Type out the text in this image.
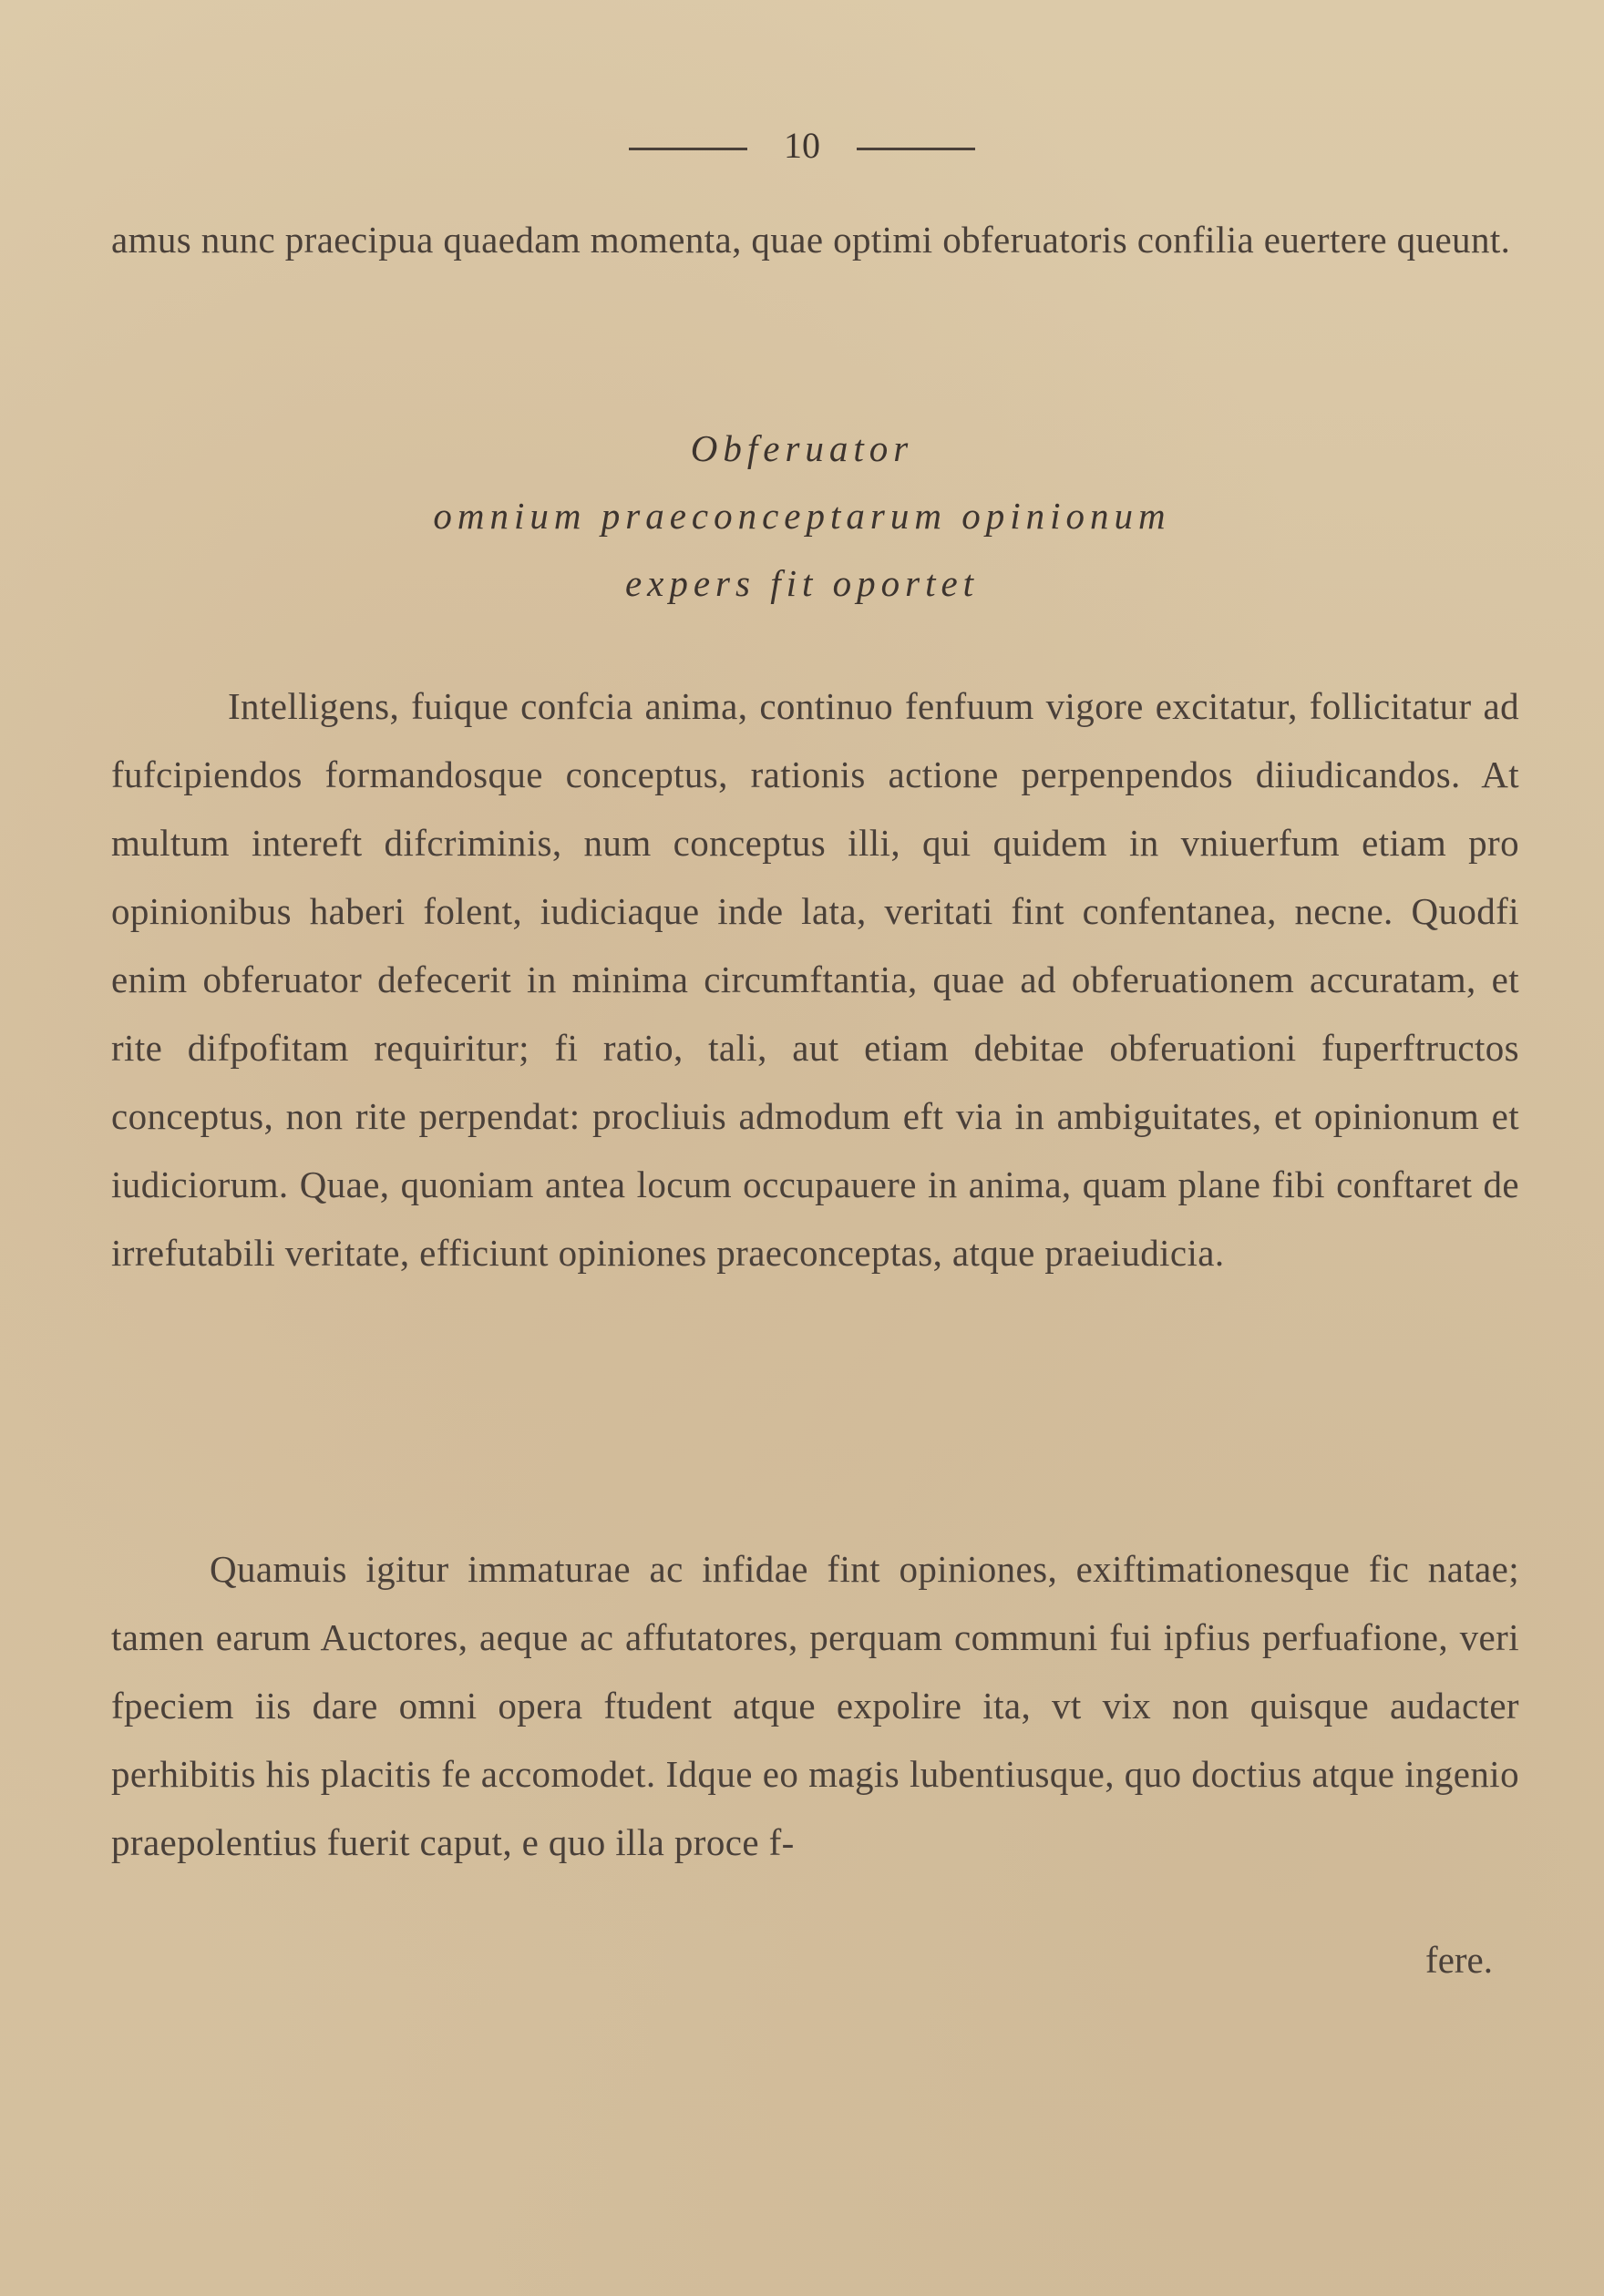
10
amus nunc praecipua quaedam momenta, quae optimi obferuatoris confilia euertere queunt.
Obferuator
omnium praeconceptarum opinionum
expers fit oportet
Intelligens, fuique confcia anima, continuo fenfuum vigore excitatur, follicitatur ad fufcipiendos formandosque conceptus, rationis actione perpenpendos diiudicandos. At multum intereft difcriminis, num conceptus illi, qui quidem in vniuerfum etiam pro opinionibus haberi folent, iudiciaque inde lata, veritati fint confentanea, necne. Quodfi enim obferuator defecerit in minima circumftantia, quae ad obferuationem accuratam, et rite difpofitam requiritur; fi ratio, tali, aut etiam debitae obferuationi fuperftructos conceptus, non rite perpendat: procliuis admodum eft via in ambiguitates, et opinionum et iudiciorum. Quae, quoniam antea locum occupauere in anima, quam plane fibi conftaret de irrefutabili veritate, efficiunt opiniones praeconceptas, atque praeiudicia.
Quamuis igitur immaturae ac infidae fint opiniones, exiftimationesque fic natae; tamen earum Auctores, aeque ac affutatores, perquam communi fui ipfius perfuafione, veri fpeciem iis dare omni opera ftudent atque expolire ita, vt vix non quisque audacter perhibitis his placitis fe accomodet. Idque eo magis lubentiusque, quo doctius atque ingenio praepolentius fuerit caput, e quo illa proce f-
fere.
